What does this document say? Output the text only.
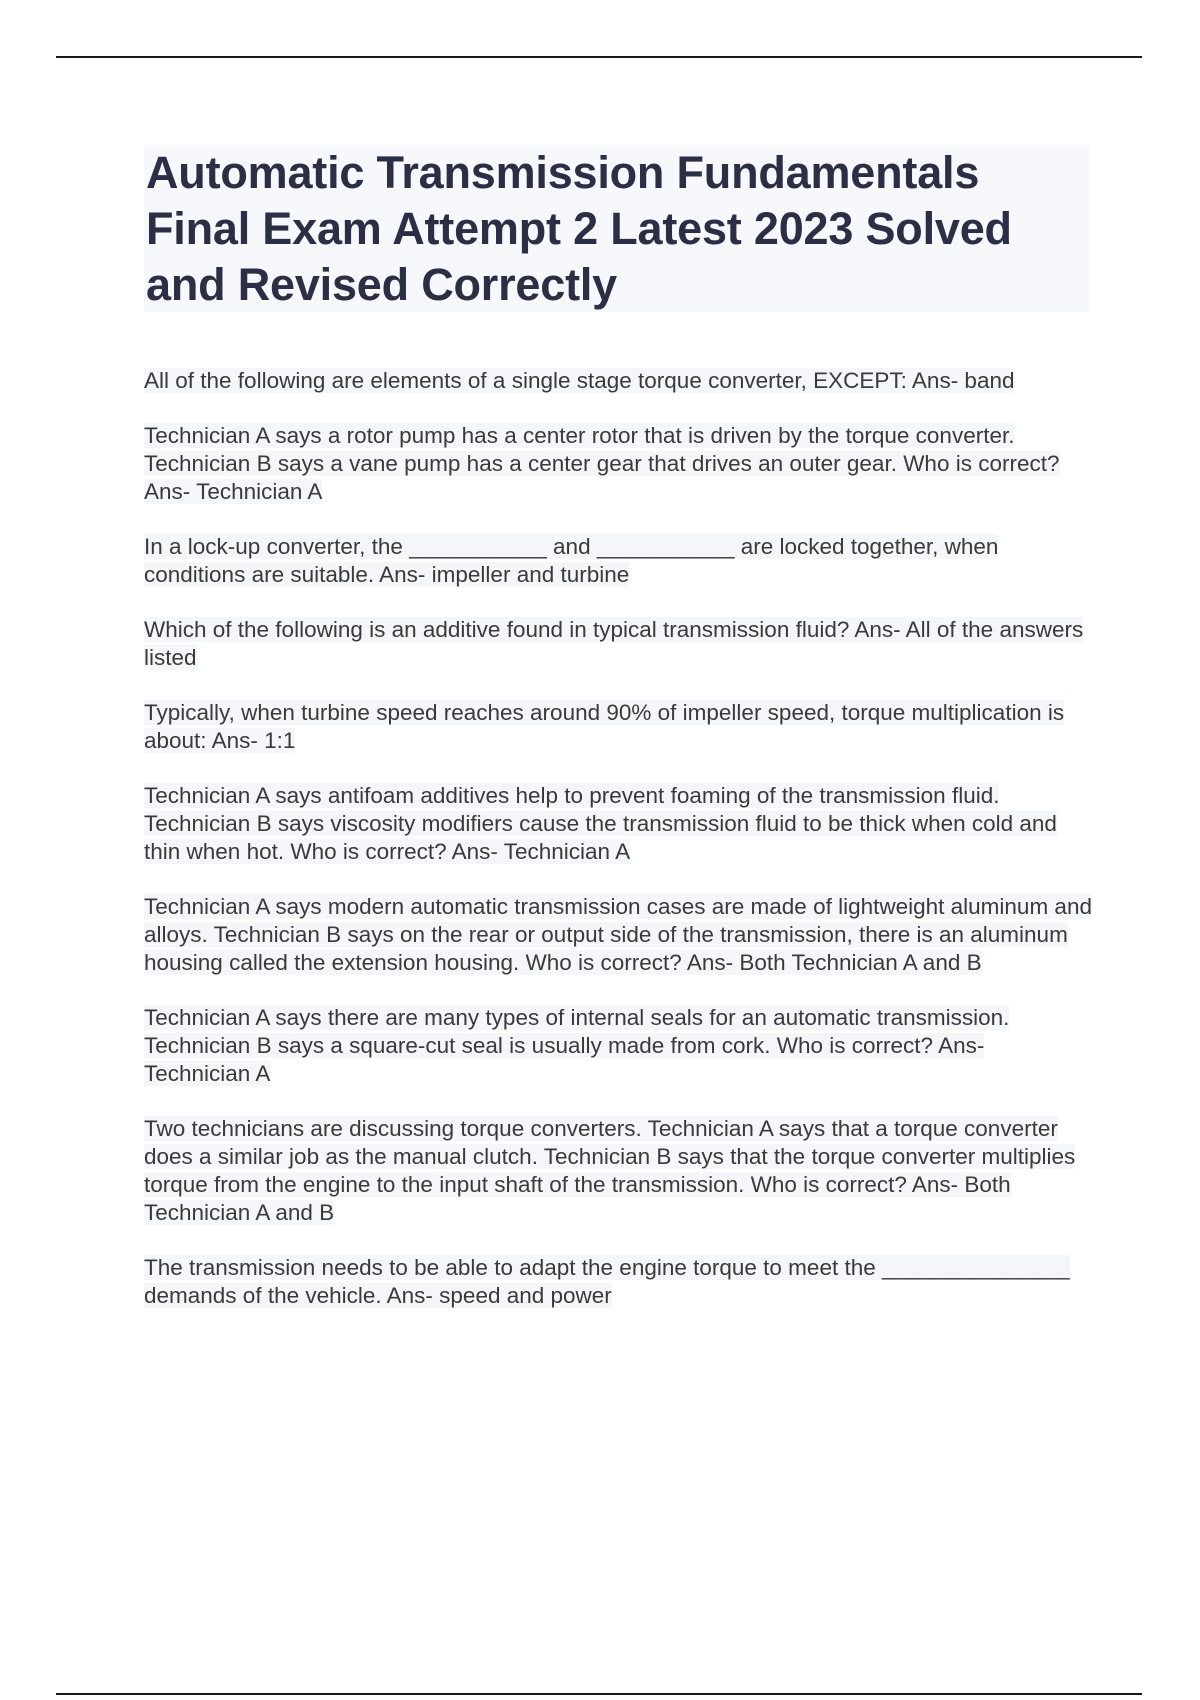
Automatic Transmission Fundamentals Final Exam Attempt 2 Latest 2023 Solved and Revised Correctly

All of the following are elements of a single stage torque converter, EXCEPT: Ans- band

Technician A says a rotor pump has a center rotor that is driven by the torque converter. Technician B says a vane pump has a center gear that drives an outer gear. Who is correct? Ans- Technician A

In a lock-up converter, the ___________ and ___________ are locked together, when conditions are suitable. Ans- impeller and turbine

Which of the following is an additive found in typical transmission fluid? Ans- All of the answers listed

Typically, when turbine speed reaches around 90% of impeller speed, torque multiplication is about: Ans- 1:1

Technician A says antifoam additives help to prevent foaming of the transmission fluid. Technician B says viscosity modifiers cause the transmission fluid to be thick when cold and thin when hot. Who is correct? Ans- Technician A

Technician A says modern automatic transmission cases are made of lightweight aluminum and alloys. Technician B says on the rear or output side of the transmission, there is an aluminum housing called the extension housing. Who is correct? Ans- Both Technician A and B

Technician A says there are many types of internal seals for an automatic transmission. Technician B says a square-cut seal is usually made from cork. Who is correct? Ans- Technician A

Two technicians are discussing torque converters. Technician A says that a torque converter does a similar job as the manual clutch. Technician B says that the torque converter multiplies torque from the engine to the input shaft of the transmission. Who is correct? Ans- Both Technician A and B

The transmission needs to be able to adapt the engine torque to meet the _______________ demands of the vehicle. Ans- speed and power
